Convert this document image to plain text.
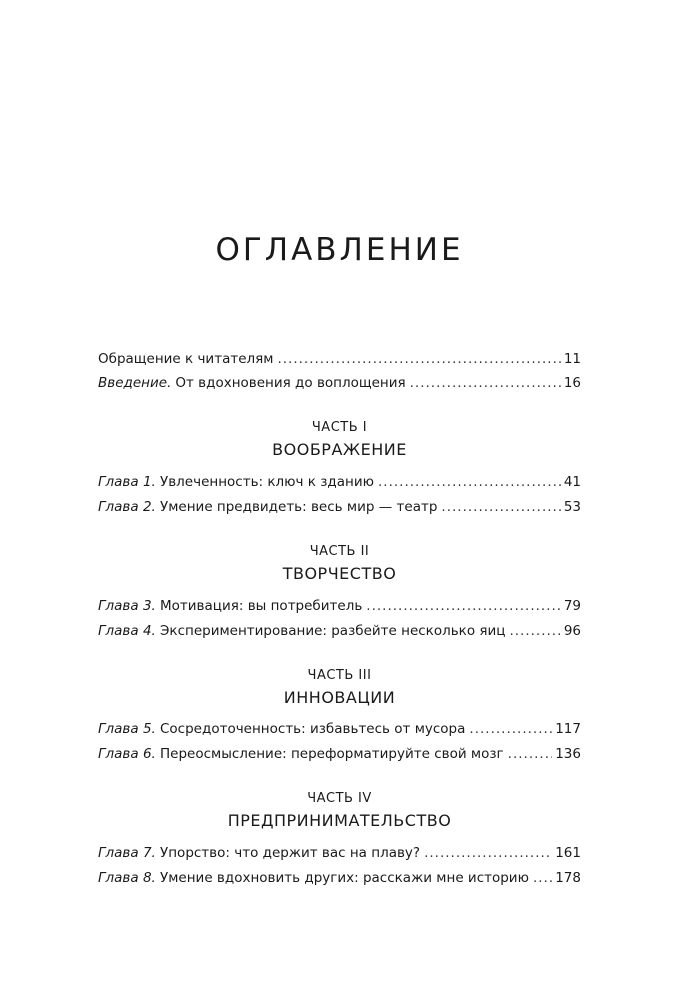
ОГЛАВЛЕНИЕ
Обращение к читателям .....	11
Введение. От вдохновения до воплощения .....	16
ЧАСТЬ I
ВООБРАЖЕНИЕ
Глава 1. Увлеченность: ключ к зданию .....	41
Глава 2. Умение предвидеть: весь мир — театр .....	53
ЧАСТЬ II
ТВОРЧЕСТВО
Глава 3. Мотивация: вы потребитель .....	79
Глава 4. Экспериментирование: разбейте несколько яиц .....	96
ЧАСТЬ III
ИННОВАЦИИ
Глава 5. Сосредоточенность: избавьтесь от мусора .....	117
Глава 6. Переосмысление: переформатируйте свой мозг .....	136
ЧАСТЬ IV
ПРЕДПРИНИМАТЕЛЬСТВО
Глава 7. Упорство: что держит вас на плаву? .....	161
Глава 8. Умение вдохновить других: расскажи мне историю ..... 178
